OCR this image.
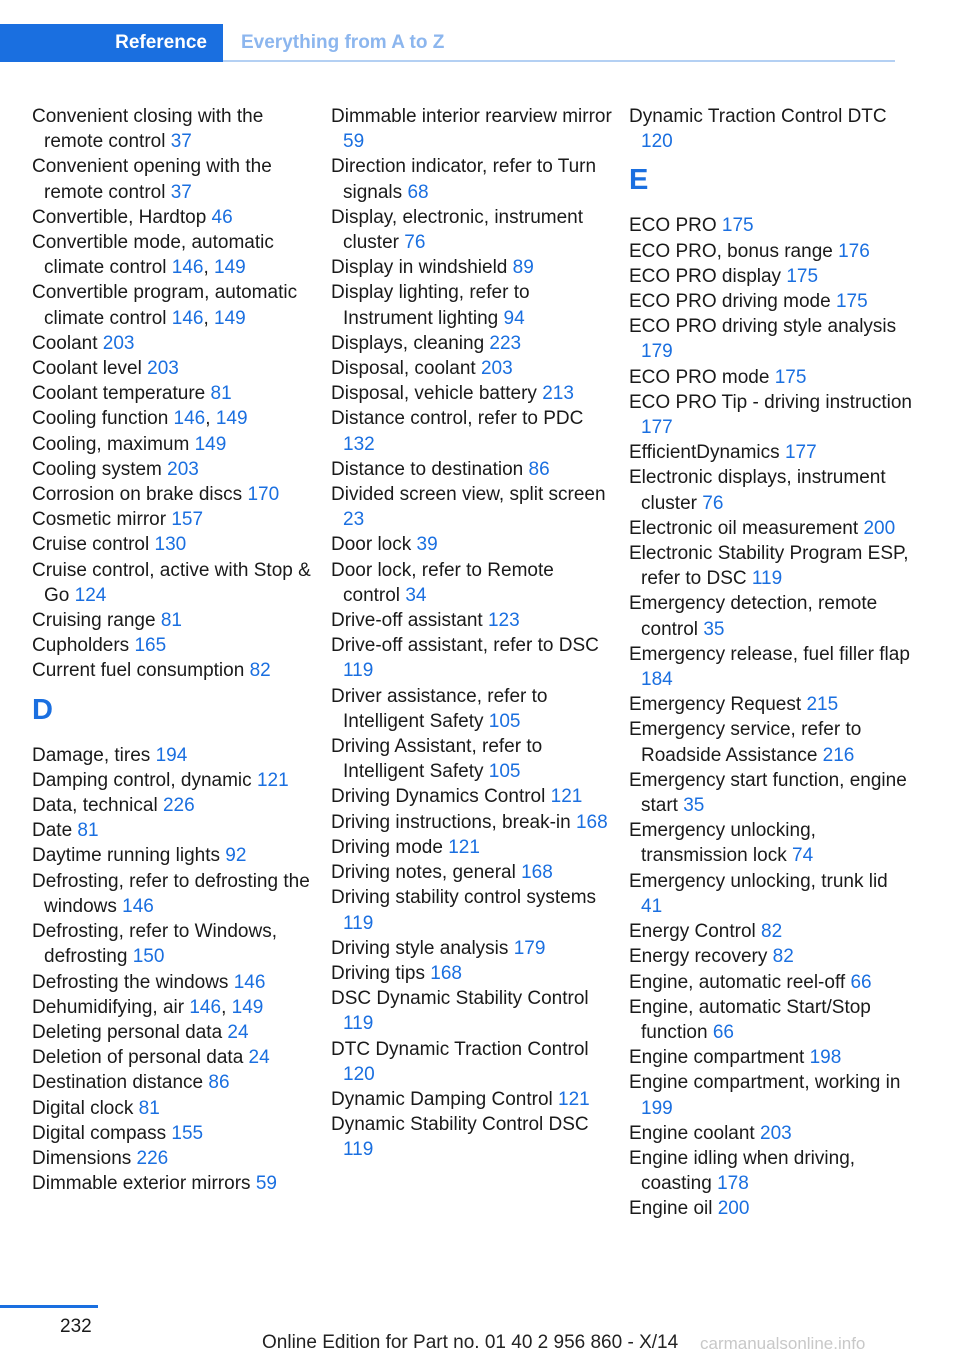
Reference	Everything from A to Z
Convenient closing with the remote control 37
Convenient opening with the remote control 37
Convertible, Hardtop 46
Convertible mode, automatic climate control 146, 149
Convertible program, automatic climate control 146, 149
Coolant 203
Coolant level 203
Coolant temperature 81
Cooling function 146, 149
Cooling, maximum 149
Cooling system 203
Corrosion on brake discs 170
Cosmetic mirror 157
Cruise control 130
Cruise control, active with Stop & Go 124
Cruising range 81
Cupholders 165
Current fuel consumption 82
D
Damage, tires 194
Damping control, dynamic 121
Data, technical 226
Date 81
Daytime running lights 92
Defrosting, refer to defrosting the windows 146
Defrosting, refer to Windows, defrosting 150
Defrosting the windows 146
Dehumidifying, air 146, 149
Deleting personal data 24
Deletion of personal data 24
Destination distance 86
Digital clock 81
Digital compass 155
Dimensions 226
Dimmable exterior mirrors 59
Dimmable interior rearview mirror 59
Direction indicator, refer to Turn signals 68
Display, electronic, instrument cluster 76
Display in windshield 89
Display lighting, refer to Instrument lighting 94
Displays, cleaning 223
Disposal, coolant 203
Disposal, vehicle battery 213
Distance control, refer to PDC 132
Distance to destination 86
Divided screen view, split screen 23
Door lock 39
Door lock, refer to Remote control 34
Drive-off assistant 123
Drive-off assistant, refer to DSC 119
Driver assistance, refer to Intelligent Safety 105
Driving Assistant, refer to Intelligent Safety 105
Driving Dynamics Control 121
Driving instructions, break-in 168
Driving mode 121
Driving notes, general 168
Driving stability control systems 119
Driving style analysis 179
Driving tips 168
DSC Dynamic Stability Control 119
DTC Dynamic Traction Control 120
Dynamic Damping Control 121
Dynamic Stability Control DSC 119
Dynamic Traction Control DTC 120
E
ECO PRO 175
ECO PRO, bonus range 176
ECO PRO display 175
ECO PRO driving mode 175
ECO PRO driving style analysis 179
ECO PRO mode 175
ECO PRO Tip - driving instruction 177
EfficientDynamics 177
Electronic displays, instrument cluster 76
Electronic oil measurement 200
Electronic Stability Program ESP, refer to DSC 119
Emergency detection, remote control 35
Emergency release, fuel filler flap 184
Emergency Request 215
Emergency service, refer to Roadside Assistance 216
Emergency start function, engine start 35
Emergency unlocking, transmission lock 74
Emergency unlocking, trunk lid 41
Energy Control 82
Energy recovery 82
Engine, automatic reel-off 66
Engine, automatic Start/Stop function 66
Engine compartment 198
Engine compartment, working in 199
Engine coolant 203
Engine idling when driving, coasting 178
Engine oil 200
232
Online Edition for Part no. 01 40 2 956 860 - X/14 carmanualsonline.info
